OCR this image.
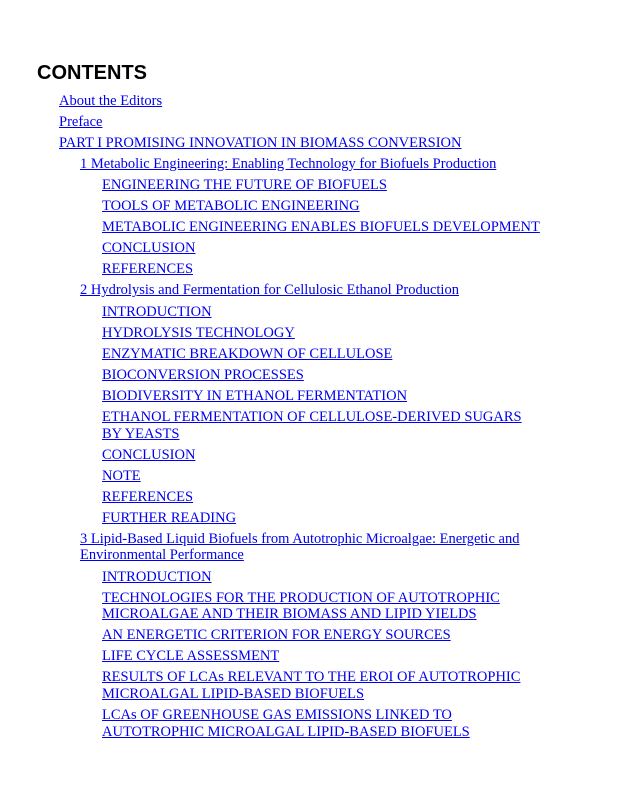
CONTENTS
About the Editors
Preface
PART I PROMISING INNOVATION IN BIOMASS CONVERSION
1 Metabolic Engineering: Enabling Technology for Biofuels Production
ENGINEERING THE FUTURE OF BIOFUELS
TOOLS OF METABOLIC ENGINEERING
METABOLIC ENGINEERING ENABLES BIOFUELS DEVELOPMENT
CONCLUSION
REFERENCES
2 Hydrolysis and Fermentation for Cellulosic Ethanol Production
INTRODUCTION
HYDROLYSIS TECHNOLOGY
ENZYMATIC BREAKDOWN OF CELLULOSE
BIOCONVERSION PROCESSES
BIODIVERSITY IN ETHANOL FERMENTATION
ETHANOL FERMENTATION OF CELLULOSE-DERIVED SUGARS BY YEASTS
CONCLUSION
NOTE
REFERENCES
FURTHER READING
3 Lipid-Based Liquid Biofuels from Autotrophic Microalgae: Energetic and Environmental Performance
INTRODUCTION
TECHNOLOGIES FOR THE PRODUCTION OF AUTOTROPHIC MICROALGAE AND THEIR BIOMASS AND LIPID YIELDS
AN ENERGETIC CRITERION FOR ENERGY SOURCES
LIFE CYCLE ASSESSMENT
RESULTS OF LCAs RELEVANT TO THE EROI OF AUTOTROPHIC MICROALGAL LIPID-BASED BIOFUELS
LCAs OF GREENHOUSE GAS EMISSIONS LINKED TO AUTOTROPHIC MICROALGAL LIPID-BASED BIOFUELS
